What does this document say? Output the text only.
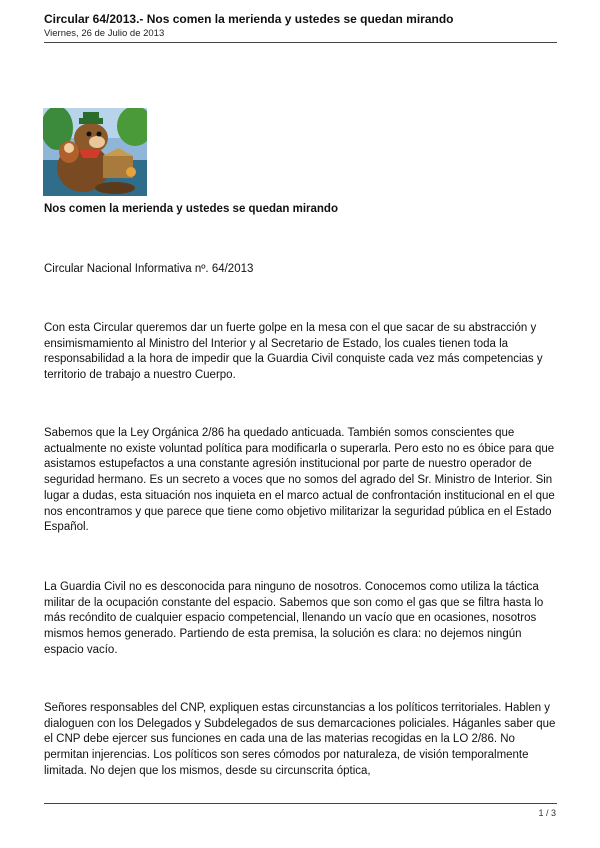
Circular 64/2013.- Nos comen la merienda y ustedes se quedan mirando
Viernes, 26 de Julio de 2013
Nos comen la merienda y ustedes se quedan mirando
Circular Nacional Informativa nº. 64/2013

Con esta Circular queremos dar un fuerte golpe en la mesa con el que sacar de su abstracción y ensimismamiento al Ministro del Interior y al Secretario de Estado, los cuales tienen toda la responsabilidad a la hora de impedir que la Guardia Civil conquiste cada vez más competencias y territorio de trabajo a nuestro Cuerpo.

Sabemos que la Ley Orgánica 2/86 ha quedado anticuada. También somos conscientes que actualmente no existe voluntad política para modificarla o superarla. Pero esto no es óbice para que asistamos estupefactos a una constante agresión institucional por parte de nuestro operador de seguridad hermano. Es un secreto a voces que no somos del agrado del Sr. Ministro de Interior. Sin lugar a dudas, esta situación nos inquieta en el marco actual de confrontación institucional en el que nos encontramos y que parece que tiene como objetivo militarizar la seguridad pública en el Estado Español.

La Guardia Civil no es desconocida para ninguno de nosotros. Conocemos como utiliza la táctica militar de la ocupación constante del espacio. Sabemos que son como el gas que se filtra hasta lo más recóndito de cualquier espacio competencial, llenando un vacío que en ocasiones, nosotros mismos hemos generado. Partiendo de esta premisa, la solución es clara: no dejemos ningún espacio vacío.

Señores responsables del CNP, expliquen estas circunstancias a los políticos territoriales. Hablen y dialoguen con los Delegados y Subdelegados de sus demarcaciones policiales. Háganles saber que el CNP debe ejercer sus funciones en cada una de las materias recogidas en la LO 2/86. No permitan injerencias. Los políticos son seres cómodos por naturaleza, de visión temporalmente limitada. No dejen que los mismos, desde su circunscrita óptica,

1 / 3
